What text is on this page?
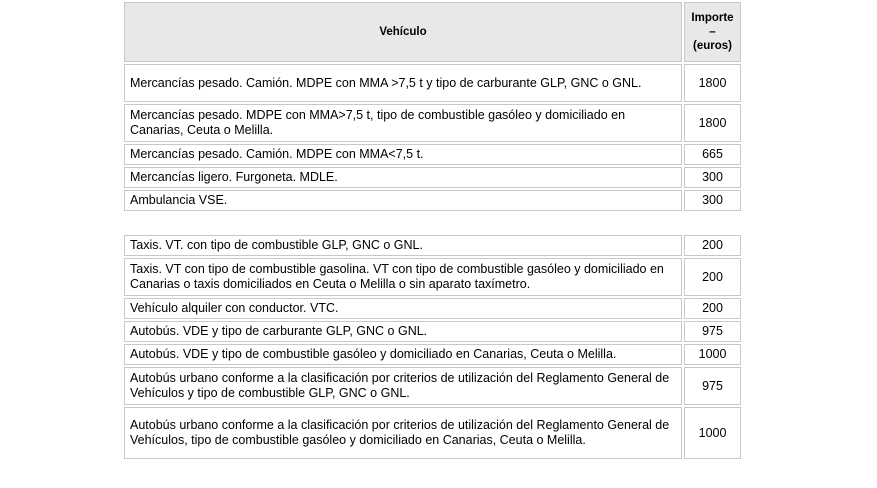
Vehículo	Importe
–
(euros)

Mercancías pesado. Camión. MDPE con MMA >7,5 t y tipo de carburante GLP, GNC o GNL.	1800
Mercancías pesado. MDPE con MMA>7,5 t, tipo de combustible gasóleo y domiciliado en Canarias, Ceuta o Melilla.	1800
Mercancías pesado. Camión. MDPE con MMA<7,5 t.	665
Mercancías ligero. Furgoneta. MDLE.	300
Ambulancia VSE.	300
Taxis. VT. con tipo de combustible GLP, GNC o GNL.	200
Taxis. VT con tipo de combustible gasolina. VT con tipo de combustible gasóleo y domiciliado en Canarias o taxis domiciliados en Ceuta o Melilla o sin aparato taxímetro.	200
Vehículo alquiler con conductor. VTC.	200
Autobús. VDE y tipo de carburante GLP, GNC o GNL.	975
Autobús. VDE y tipo de combustible gasóleo y domiciliado en Canarias, Ceuta o Melilla.	1000
Autobús urbano conforme a la clasificación por criterios de utilización del Reglamento General de Vehículos y tipo de combustible GLP, GNC o GNL.	975
Autobús urbano conforme a la clasificación por criterios de utilización del Reglamento General de Vehículos, tipo de combustible gasóleo y domiciliado en Canarias, Ceuta o Melilla.	1000
